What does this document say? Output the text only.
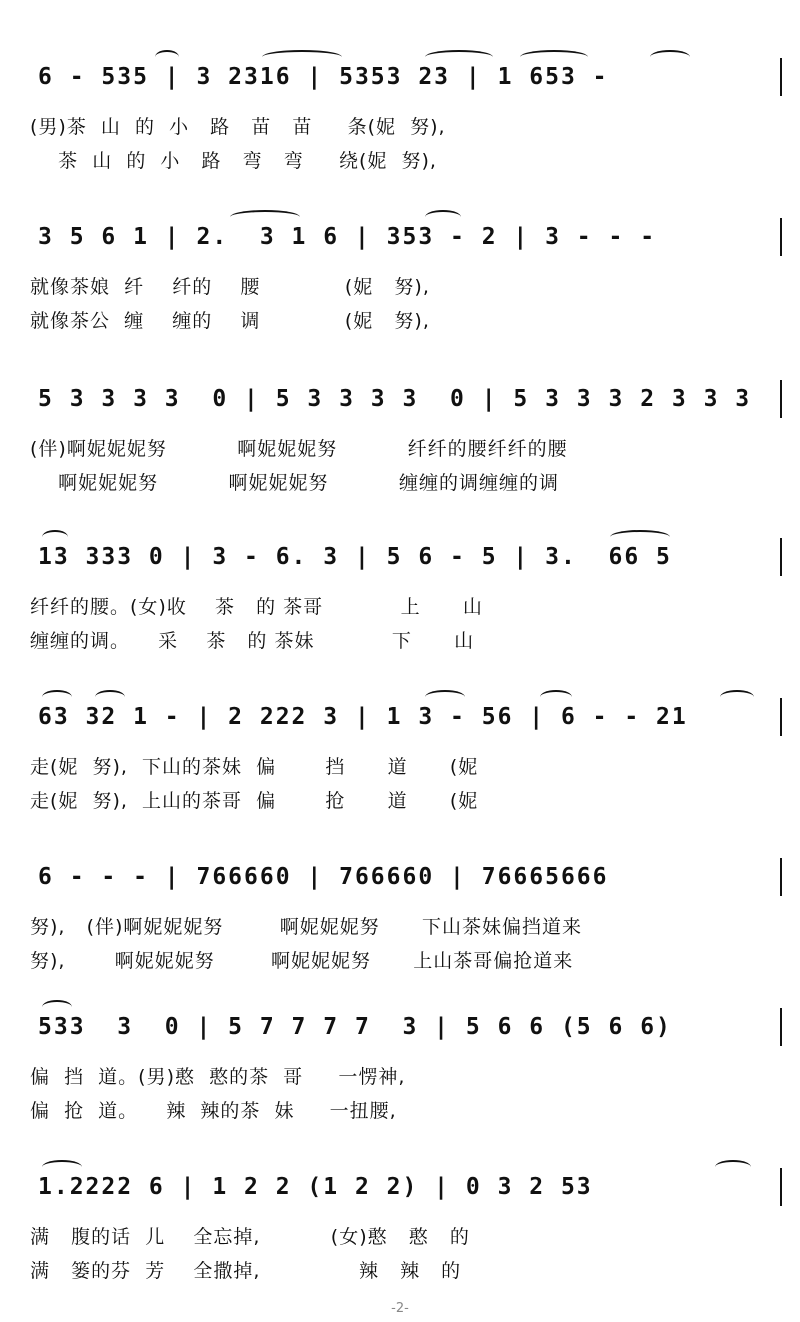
6 - 535 | 3 2316 | 5353 23 | 1 653 -
(男)茶  山  的  小   路   苗   苗     条(妮  努),
茶  山  的  小   路   弯   弯     绕(妮  努),
3 5 6 1 | 2.  3 1 6 | 353 - 2 | 3 - - -
就像茶娘  纤    纤的    腰            (妮   努),
就像茶公  缠    缠的    调            (妮   努),
5 3 3 3 3  0 | 5 3 3 3 3  0 | 5 3 3 3 2 3 3 3
(伴)啊妮妮妮努          啊妮妮妮努          纤纤的腰纤纤的腰
啊妮妮妮努          啊妮妮妮努          缠缠的调缠缠的调
13 333 0 | 3 - 6. 3 | 5 6 - 5 | 3.  66 5
纤纤的腰。(女)收    茶   的 茶哥           上      山
缠缠的调。    采    茶   的 茶妹           下      山
63 32 1 - | 2 222 3 | 1 3 - 56 | 6 - - 21
走(妮  努),  下山的茶妹  偏       挡      道      (妮
走(妮  努),  上山的茶哥  偏       抢      道      (妮
6 - - - | 766660 | 766660 | 76665666
努),   (伴)啊妮妮妮努        啊妮妮妮努      下山茶妹偏挡道来
努),       啊妮妮妮努        啊妮妮妮努      上山茶哥偏抢道来
533  3  0 | 5 7 7 7 7  3 | 5 6 6 (5 6 6)
偏  挡  道。(男)憨  憨的茶  哥     一愣神,
偏  抢  道。    辣  辣的茶  妹     一扭腰,
1.2222 6 | 1 2 2 (1 2 2) | 0 3 2 53
满   腹的话  儿    全忘掉,          (女)憨   憨   的
满   篓的芬  芳    全撒掉,              辣   辣   的
-2-
